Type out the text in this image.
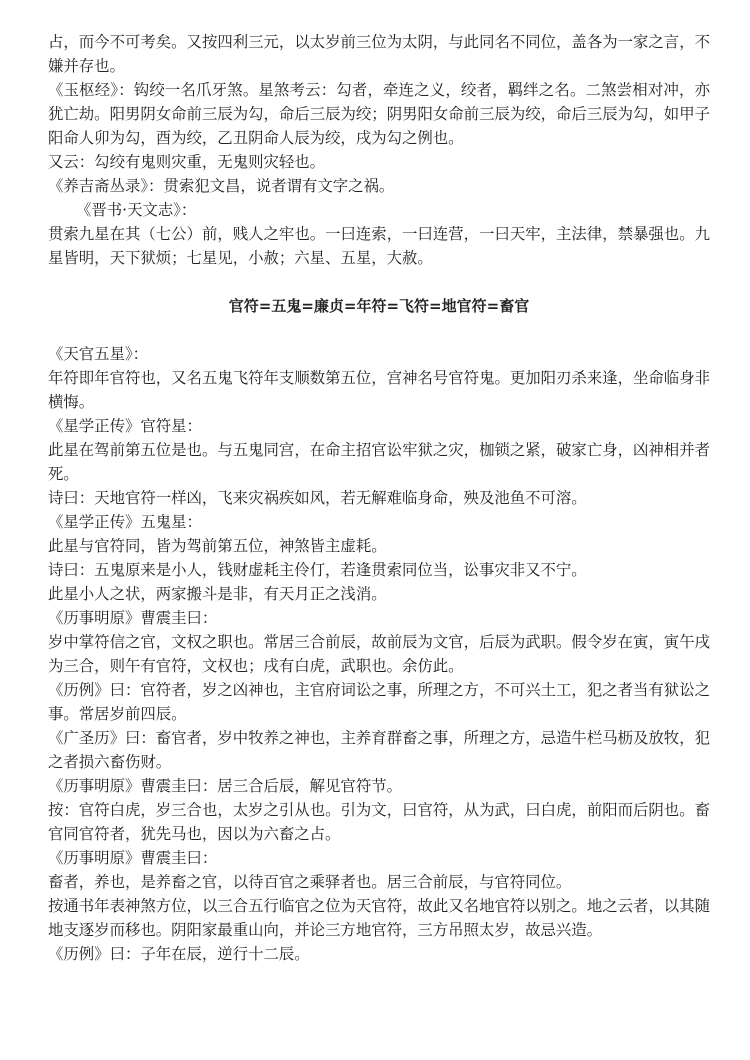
占，而今不可考矣。又按四利三元，以太岁前三位为太阴，与此同名不同位，盖各为一家之言，不嫌并存也。

《玉枢经》：钩绞一名爪牙煞。星煞考云：勾者，牵连之义，绞者，羁绊之名。二煞尝相对冲，亦犹亡劫。阳男阴女命前三辰为勾，命后三辰为绞；阴男阳女命前三辰为绞，命后三辰为勾，如甲子阳命人卯为勾，酉为绞，乙丑阴命人辰为绞，戌为勾之例也。

又云：勾绞有鬼则灾重，无鬼则灾轻也。

《养吉斋丛录》：贯索犯文昌，说者谓有文字之祸。

《晋书·天文志》：

贯索九星在其（七公）前，贱人之牢也。一曰连索，一曰连营，一曰天牢，主法律，禁暴强也。九星皆明，天下狱烦；七星见，小赦；六星、五星，大赦。

官符=五鬼=廉贞=年符=飞符=地官符=畜官

《天官五星》：

年符即年官符也，又名五鬼飞符年支顺数第五位，宫神名号官符鬼。更加阳刃杀来逢，坐命临身非横悔。

《星学正传》官符星：

此星在驾前第五位是也。与五鬼同宫，在命主招官讼牢狱之灾，枷锁之紧，破家亡身，凶神相并者死。

诗曰：天地官符一样凶，飞来灾祸疾如风，若无解难临身命，殃及池鱼不可溶。

《星学正传》五鬼星：

此星与官符同，皆为驾前第五位，神煞皆主虚耗。

诗曰：五鬼原来是小人，钱财虚耗主伶仃，若逢贯索同位当，讼事灾非又不宁。

此星小人之状，两家搬斗是非，有天月正之浅消。

《历事明原》曹震圭曰：

岁中掌符信之官，文权之职也。常居三合前辰，故前辰为文官，后辰为武职。假令岁在寅，寅午戌为三合，则午有官符，文权也；戌有白虎，武职也。余仿此。

《历例》曰：官符者，岁之凶神也，主官府词讼之事，所理之方，不可兴土工，犯之者当有狱讼之事。常居岁前四辰。

《广圣历》曰：畜官者，岁中牧养之神也，主养育群畜之事，所理之方，忌造牛栏马枥及放牧，犯之者损六畜伤财。

《历事明原》曹震圭曰：居三合后辰，解见官符节。

按：官符白虎，岁三合也，太岁之引从也。引为文，曰官符，从为武，曰白虎，前阳而后阴也。畜官同官符者，犹先马也，因以为六畜之占。

《历事明原》曹震圭曰：

畜者，养也，是养畜之官，以待百官之乘驿者也。居三合前辰，与官符同位。

按通书年表神煞方位，以三合五行临官之位为天官符，故此又名地官符以别之。地之云者，以其随地支逐岁而移也。阴阳家最重山向，并论三方地官符，三方吊照太岁，故忌兴造。

《历例》曰：子年在辰，逆行十二辰。
